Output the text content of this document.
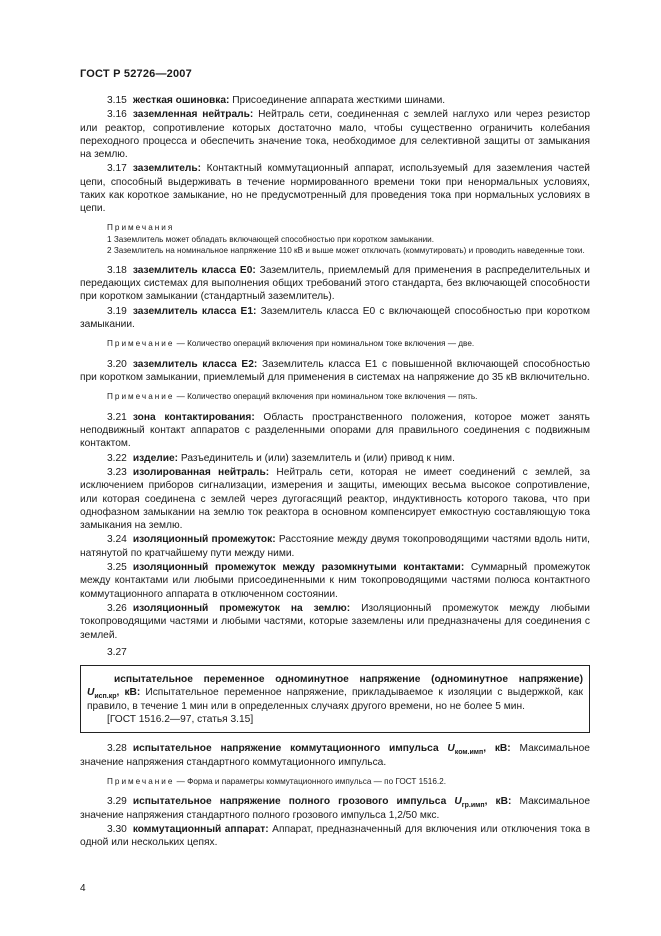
ГОСТ Р 52726—2007

3.15 жесткая ошиновка: Присоединение аппарата жесткими шинами.

3.16 заземленная нейтраль: Нейтраль сети, соединенная с землей наглухо или через резистор или реактор, сопротивление которых достаточно мало, чтобы существенно ограничить колебания переходного процесса и обеспечить значение тока, необходимое для селективной защиты от замыкания на землю.

3.17 заземлитель: Контактный коммутационный аппарат, используемый для заземления частей цепи, способный выдерживать в течение нормированного времени токи при ненормальных условиях, таких как короткое замыкание, но не предусмотренный для проведения тока при нормальных условиях в цепи.

Примечания

1 Заземлитель может обладать включающей способностью при коротком замыкании.

2 Заземлитель на номинальное напряжение 110 кВ и выше может отключать (коммутировать) и проводить наведенные токи.

3.18 заземлитель класса Е0: Заземлитель, приемлемый для применения в распределительных и передающих системах для выполнения общих требований этого стандарта, без включающей способности при коротком замыкании (стандартный заземлитель).

3.19 заземлитель класса Е1: Заземлитель класса Е0 с включающей способностью при коротком замыкании.

Примечание — Количество операций включения при номинальном токе включения — две.

3.20 заземлитель класса Е2: Заземлитель класса Е1 с повышенной включающей способностью при коротком замыкании, приемлемый для применения в системах на напряжение до 35 кВ включительно.

Примечание — Количество операций включения при номинальном токе включения — пять.

3.21 зона контактирования: Область пространственного положения, которое может занять неподвижный контакт аппаратов с разделенными опорами для правильного соединения с подвижным контактом.

3.22 изделие: Разъединитель и (или) заземлитель и (или) привод к ним.

3.23 изолированная нейтраль: Нейтраль сети, которая не имеет соединений с землей, за исключением приборов сигнализации, измерения и защиты, имеющих весьма высокое сопротивление, или которая соединена с землей через дугогасящий реактор, индуктивность которого такова, что при однофазном замыкании на землю ток реактора в основном компенсирует емкостную составляющую тока замыкания на землю.

3.24 изоляционный промежуток: Расстояние между двумя токопроводящими частями вдоль нити, натянутой по кратчайшему пути между ними.

3.25 изоляционный промежуток между разомкнутыми контактами: Суммарный промежуток между контактами или любыми присоединенными к ним токопроводящими частями полюса контактного коммутационного аппарата в отключенном состоянии.

3.26 изоляционный промежуток на землю: Изоляционный промежуток между любыми токопроводящими частями и любыми частями, которые заземлены или предназначены для соединения с землей.

3.27

испытательное переменное одноминутное напряжение (одноминутное напряжение)

$U_{исп.кр}$, кВ: Испытательное переменное напряжение, прикладываемое к изоляции с выдержкой, как правило, в течение 1 мин или в определенных случаях другого времени, но не более 5 мин.

[ГОСТ 1516.2—97, статья 3.15]

3.28 испытательное напряжение коммутационного импульса $U_{ком.имп}$, кВ: Максимальное значение напряжения стандартного коммутационного импульса.

Примечание — Форма и параметры коммутационного импульса — по ГОСТ 1516.2.

3.29 испытательное напряжение полного грозового импульса $U_{гр.имп}$, кВ: Максимальное значение напряжения стандартного полного грозового импульса 1,2/50 мкс.

3.30 коммутационный аппарат: Аппарат, предназначенный для включения или отключения тока в одной или нескольких цепях.

4
